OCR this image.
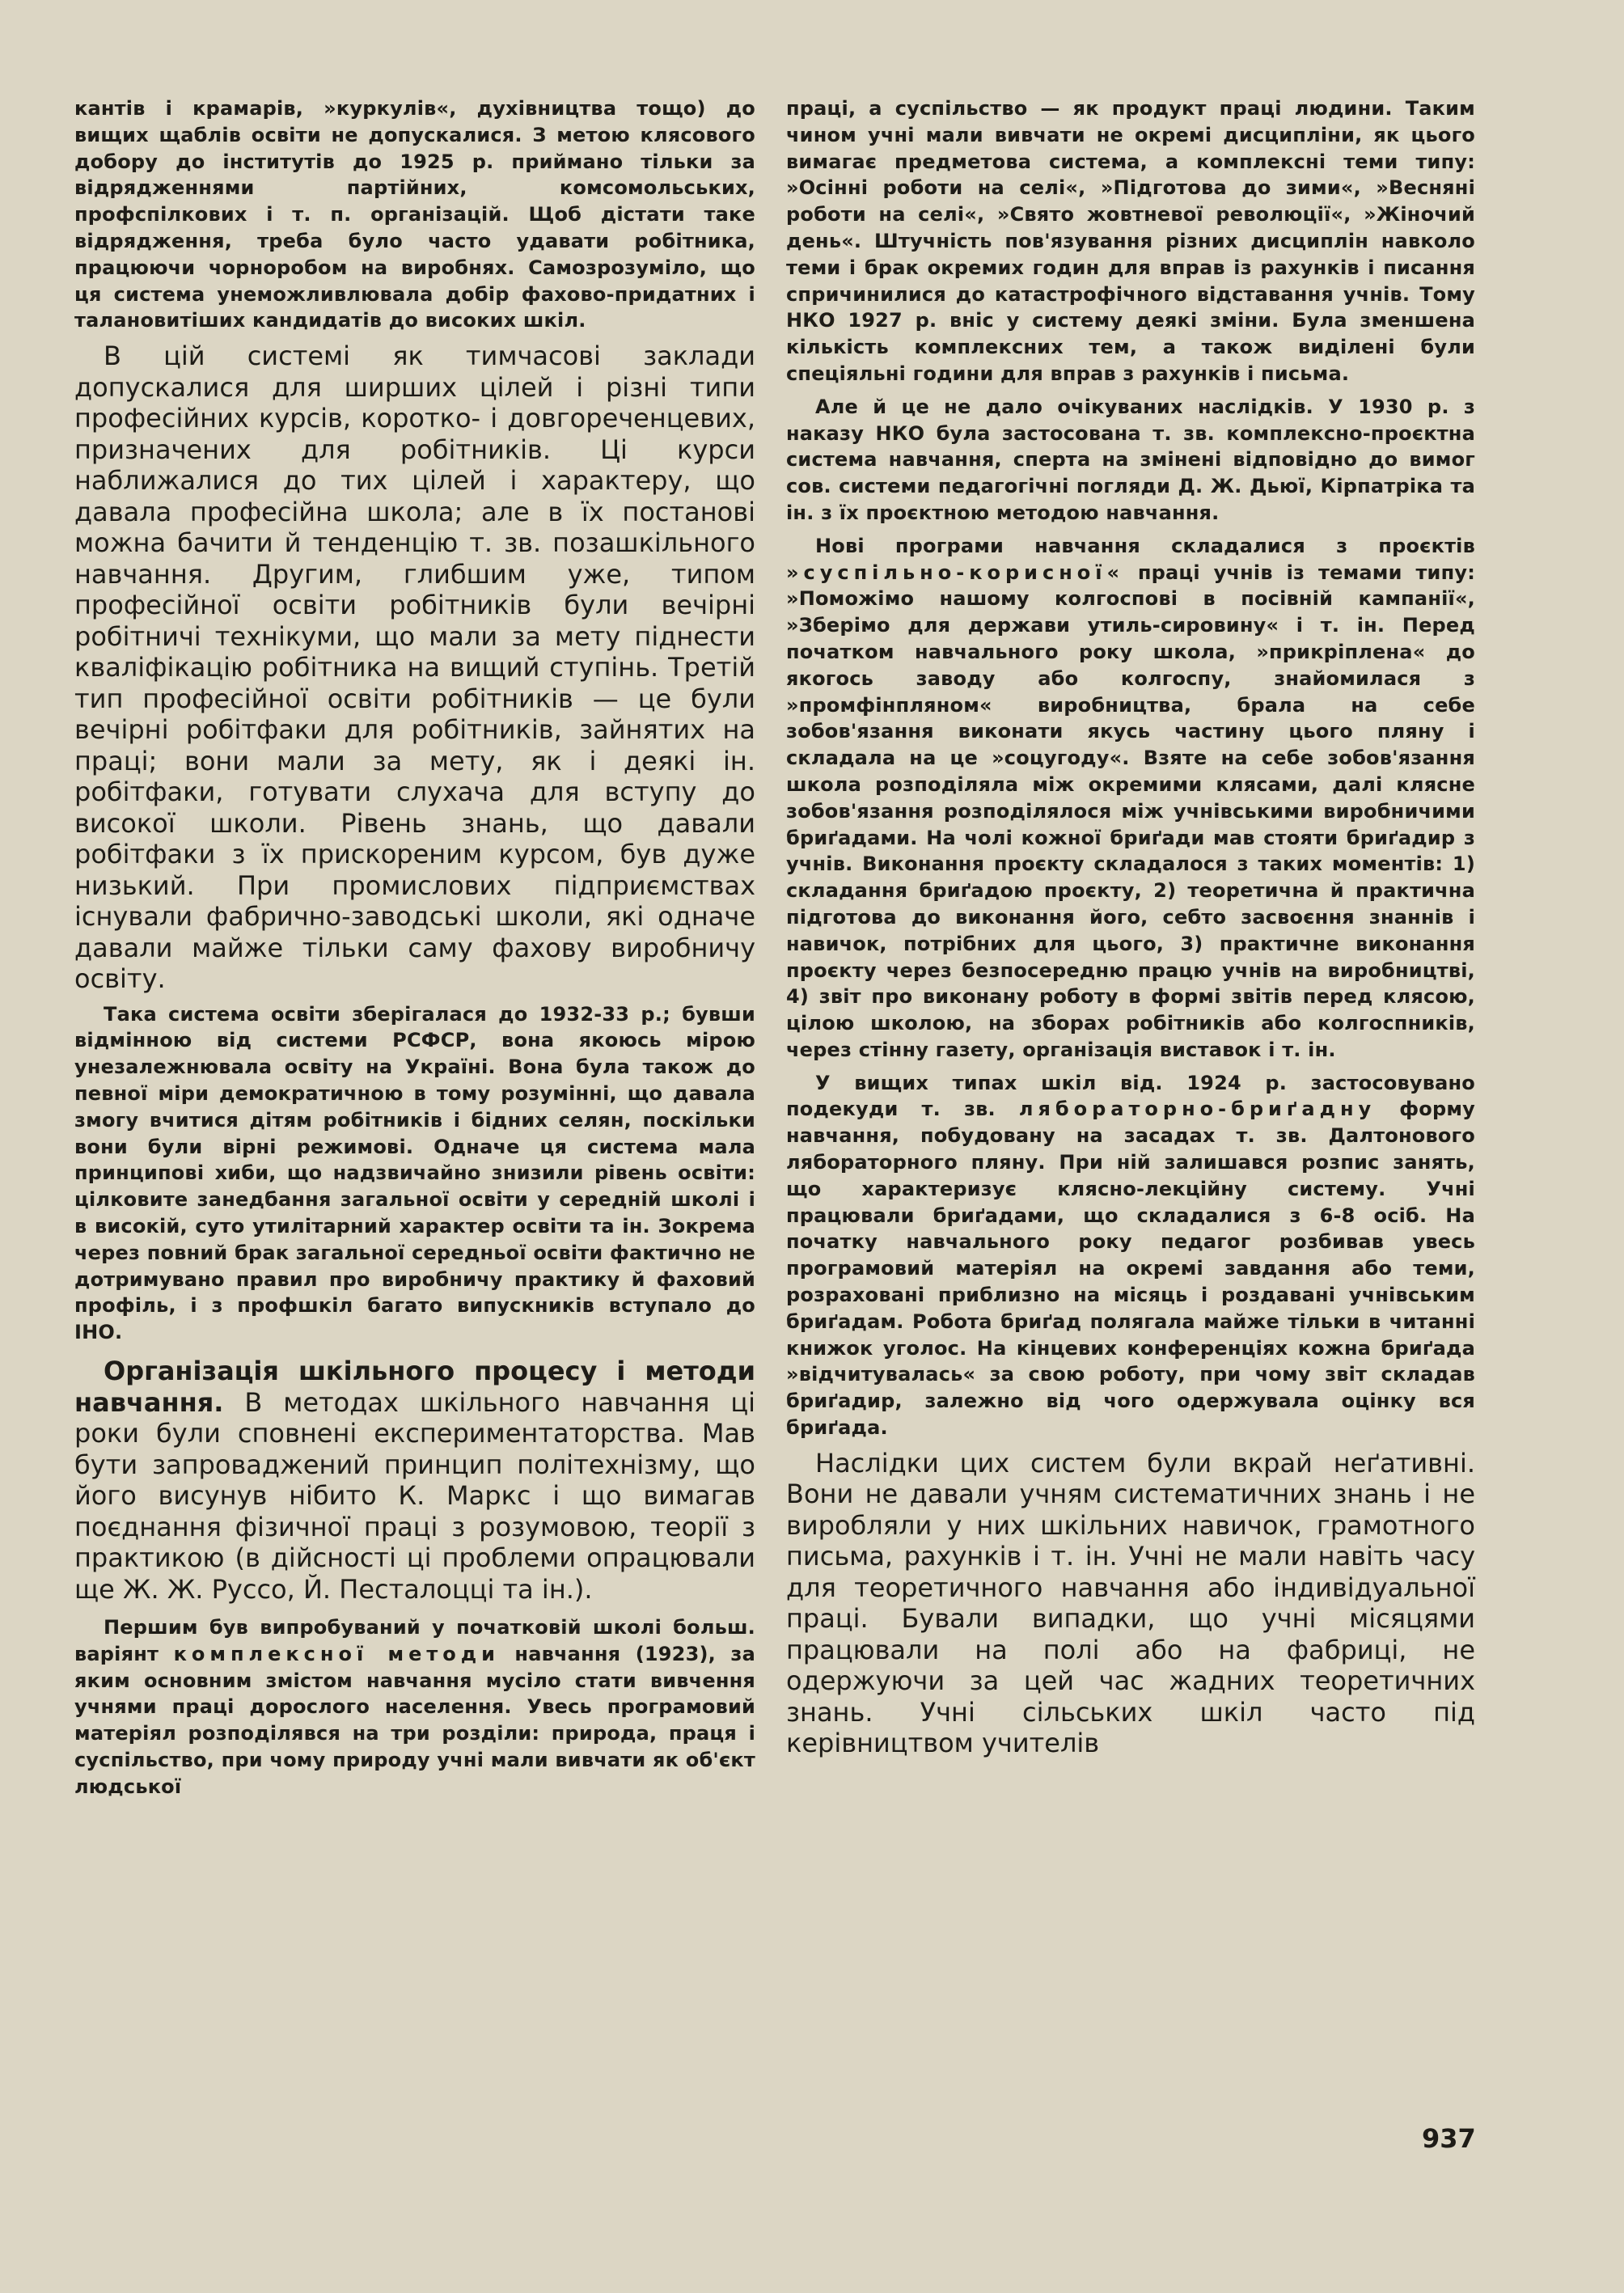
кантів і крамарів, »куркулів«, духівництва тощо) до вищих щаблів освіти не допускалися. З метою клясового добору до інститутів до 1925 р. приймано тільки за відрядженнями партійних, комсомольських, профспілкових і т. п. організацій. Щоб дістати таке відрядження, треба було часто удавати робітника, працюючи чорноробом на виробнях. Самозрозуміло, що ця система унеможливлювала добір фахово-придатних і талановитіших кандидатів до високих шкіл.

В цій системі як тимчасові заклади допускалися для ширших цілей і різні типи професійних курсів, коротко- і довгореченцевих, призначених для робітників. Ці курси наближалися до тих цілей і характеру, що давала професійна школа; але в їх постанові можна бачити й тенденцію т. зв. позашкільного навчання. Другим, глибшим уже, типом професійної освіти робітників були вечірні робітничі технікуми, що мали за мету піднести кваліфікацію робітника на вищий ступінь. Третій тип професійної освіти робітників — це були вечірні робітфаки для робітників, зайнятих на праці; вони мали за мету, як і деякі ін. робітфаки, готувати слухача для вступу до високої школи. Рівень знань, що давали робітфаки з їх прискореним курсом, був дуже низький. При промислових підприємствах існували фабрично-заводські школи, які одначе давали майже тільки саму фахову виробничу освіту.

Така система освіти зберігалася до 1932-33 р.; бувши відмінною від системи РСФСР, вона якоюсь мірою унезалежнювала освіту на Україні. Вона була також до певної міри демократичною в тому розумінні, що давала змогу вчитися дітям робітників і бідних селян, поскільки вони були вірні режимові. Одначе ця система мала принципові хиби, що надзвичайно знизили рівень освіти: цілковите занедбання загальної освіти у середній школі і в високій, суто утилітарний характер освіти та ін. Зокрема через повний брак загальної середньої освіти фактично не дотримувано правил про виробничу практику й фаховий профіль, і з профшкіл багато випускників вступало до ІНО.

Організація шкільного процесу і методи навчання. В методах шкільного навчання ці роки були сповнені експериментаторства. Мав бути запроваджений принцип політехнізму, що його висунув нібито К. Маркс і що вимагав поєднання фізичної праці з розумовою, теорії з практикою (в дійсності ці проблеми опрацювали ще Ж. Ж. Руссо, Й. Песталоцці та ін.).

Першим був випробуваний у початковій школі больш. варіянт комплексної методи навчання (1923), за яким основним змістом навчання мусіло стати вивчення учнями праці дорослого населення. Увесь програмовий матеріял розподілявся на три розділи: природа, праця і суспільство, при чому природу учні мали вивчати як об'єкт людської

праці, а суспільство — як продукт праці людини. Таким чином учні мали вивчати не окремі дисципліни, як цього вимагає предметова система, а комплексні теми типу: »Осінні роботи на селі«, »Підготова до зими«, »Весняні роботи на селі«, »Свято жовтневої революції«, »Жіночий день«. Штучність пов'язування різних дисциплін навколо теми і брак окремих годин для вправ із рахунків і писання спричинилися до катастрофічного відставання учнів. Тому НКО 1927 р. вніс у систему деякі зміни. Була зменшена кількість комплексних тем, а також виділені були спеціяльні години для вправ з рахунків і письма.

Але й це не дало очікуваних наслідків. У 1930 р. з наказу НКО була застосована т. зв. комплексно-проєктна система навчання, сперта на змінені відповідно до вимог сов. системи педагогічні погляди Д. Ж. Дьюї, Кірпатріка та ін. з їх проєктною методою навчання.

Нові програми навчання складалися з проєктів »суспільно-корисної« праці учнів із темами типу: »Поможімо нашому колгоспові в посівній кампанії«, »Зберімо для держави утиль-сировину« і т. ін. Перед початком навчального року школа, »прикріплена« до якогось заводу або колгоспу, знайомилася з »промфінпляном« виробництва, брала на себе зобов'язання виконати якусь частину цього пляну і складала на це »соцугоду«. Взяте на себе зобов'язання школа розподіляла між окремими клясами, далі клясне зобов'язання розподілялося між учнівськими виробничими бриґадами. На чолі кожної бриґади мав стояти бриґадир з учнів. Виконання проєкту складалося з таких моментів: 1) складання бриґадою проєкту, 2) теоретична й практична підготова до виконання його, себто засвоєння знаннів і навичок, потрібних для цього, 3) практичне виконання проєкту через безпосередню працю учнів на виробництві, 4) звіт про виконану роботу в формі звітів перед клясою, цілою школою, на зборах робітників або колгоспників, через стінну газету, організація виставок і т. ін.

У вищих типах шкіл від. 1924 р. застосовувано подекуди т. зв. ляборaторно-бриґадну форму навчання, побудовану на засадах т. зв. Далтонового лябораторного пляну. При ній залишався розпис занять, що характеризує клясно-лекційну систему. Учні працювали бриґадами, що складалися з 6-8 осіб. На початку навчального року педагог розбивав увесь програмовий матеріял на окремі завдання або теми, розраховані приблизно на місяць і роздавані учнівським бриґадам. Робота бриґад полягала майже тільки в читанні книжок уголос. На кінцевих конференціях кожна бриґада »відчитувалась« за свою роботу, при чому звіт складав бриґадир, залежно від чого одержувала оцінку вся бриґада.

Наслідки цих систем були вкрай неґативні. Вони не давали учням систематичних знань і не виробляли у них шкільних навичок, грамотного письма, рахунків і т. ін. Учні не мали навіть часу для теоретичного навчання або індивідуальної праці. Бували випадки, що учні місяцями працювали на полі або на фабриці, не одержуючи за цей час жадних теоретичних знань. Учні сільських шкіл часто під керівництвом учителів

937
